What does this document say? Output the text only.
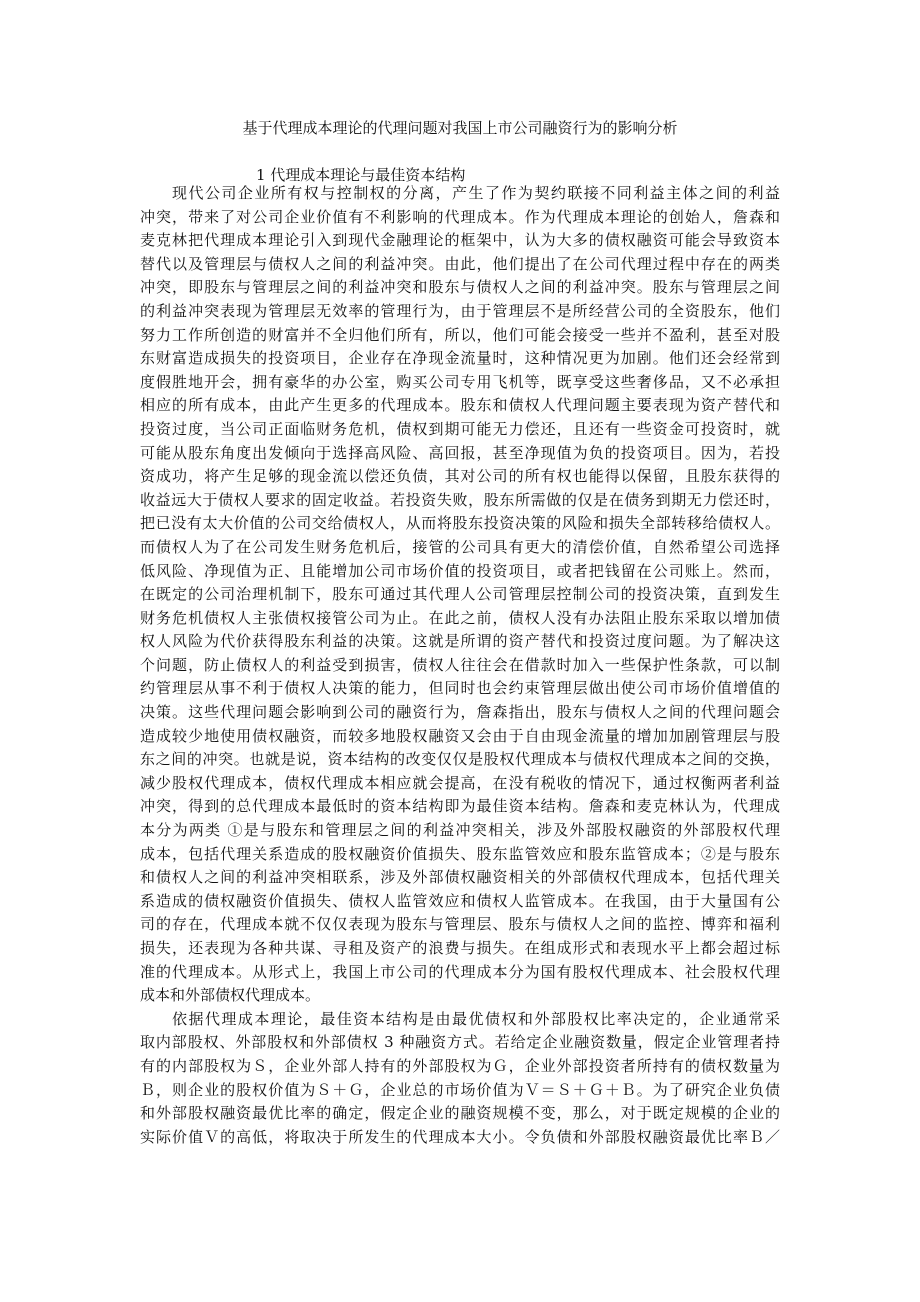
基于代理成本理论的代理问题对我国上市公司融资行为的影响分析
1 代理成本理论与最佳资本结构
现代公司企业所有权与控制权的分离，产生了作为契约联接不同利益主体之间的利益
冲突，带来了对公司企业价值有不利影响的代理成本。作为代理成本理论的创始人，詹森和
麦克林把代理成本理论引入到现代金融理论的框架中，认为大多的债权融资可能会导致资本
替代以及管理层与债权人之间的利益冲突。由此，他们提出了在公司代理过程中存在的两类
冲突，即股东与管理层之间的利益冲突和股东与债权人之间的利益冲突。股东与管理层之间
的利益冲突表现为管理层无效率的管理行为，由于管理层不是所经营公司的全资股东，他们
努力工作所创造的财富并不全归他们所有，所以，他们可能会接受一些并不盈利，甚至对股
东财富造成损失的投资项目，企业存在净现金流量时，这种情况更为加剧。他们还会经常到
度假胜地开会，拥有豪华的办公室，购买公司专用飞机等，既享受这些奢侈品，又不必承担
相应的所有成本，由此产生更多的代理成本。股东和债权人代理问题主要表现为资产替代和
投资过度，当公司正面临财务危机，债权到期可能无力偿还，且还有一些资金可投资时，就
可能从股东角度出发倾向于选择高风险、高回报，甚至净现值为负的投资项目。因为，若投
资成功，将产生足够的现金流以偿还负债，其对公司的所有权也能得以保留，且股东获得的
收益远大于债权人要求的固定收益。若投资失败，股东所需做的仅是在债务到期无力偿还时，
把已没有太大价值的公司交给债权人，从而将股东投资决策的风险和损失全部转移给债权人。
而债权人为了在公司发生财务危机后，接管的公司具有更大的清偿价值，自然希望公司选择
低风险、净现值为正、且能增加公司市场价值的投资项目，或者把钱留在公司账上。然而，
在既定的公司治理机制下，股东可通过其代理人公司管理层控制公司的投资决策，直到发生
财务危机债权人主张债权接管公司为止。在此之前，债权人没有办法阻止股东采取以增加债
权人风险为代价获得股东利益的决策。这就是所谓的资产替代和投资过度问题。为了解决这
个问题，防止债权人的利益受到损害，债权人往往会在借款时加入一些保护性条款，可以制
约管理层从事不利于债权人决策的能力，但同时也会约束管理层做出使公司市场价值增值的
决策。这些代理问题会影响到公司的融资行为，詹森指出，股东与债权人之间的代理问题会
造成较少地使用债权融资，而较多地股权融资又会由于自由现金流量的增加加剧管理层与股
东之间的冲突。也就是说，资本结构的改变仅仅是股权代理成本与债权代理成本之间的交换，
减少股权代理成本，债权代理成本相应就会提高，在没有税收的情况下，通过权衡两者利益
冲突，得到的总代理成本最低时的资本结构即为最佳资本结构。詹森和麦克林认为，代理成
本分为两类 ①是与股东和管理层之间的利益冲突相关，涉及外部股权融资的外部股权代理
成本，包括代理关系造成的股权融资价值损失、股东监管效应和股东监管成本；②是与股东
和债权人之间的利益冲突相联系，涉及外部债权融资相关的外部债权代理成本，包括代理关
系造成的债权融资价值损失、债权人监管效应和债权人监管成本。在我国，由于大量国有公
司的存在，代理成本就不仅仅表现为股东与管理层、股东与债权人之间的监控、博弈和福利
损失，还表现为各种共谋、寻租及资产的浪费与损失。在组成形式和表现水平上都会超过标
准的代理成本。从形式上，我国上市公司的代理成本分为国有股权代理成本、社会股权代理
成本和外部债权代理成本。
依据代理成本理论，最佳资本结构是由最优债权和外部股权比率决定的，企业通常采
取内部股权、外部股权和外部债权 3 种融资方式。若给定企业融资数量，假定企业管理者持
有的内部股权为Ｓ，企业外部人持有的外部股权为Ｇ，企业外部投资者所持有的债权数量为
Ｂ，则企业的股权价值为Ｓ＋Ｇ，企业总的市场价值为Ｖ＝Ｓ＋Ｇ＋Ｂ。为了研究企业负债
和外部股权融资最优比率的确定，假定企业的融资规模不变，那么，对于既定规模的企业的
实际价值Ｖ的高低，将取决于所发生的代理成本大小。令负债和外部股权融资最优比率Ｂ／
